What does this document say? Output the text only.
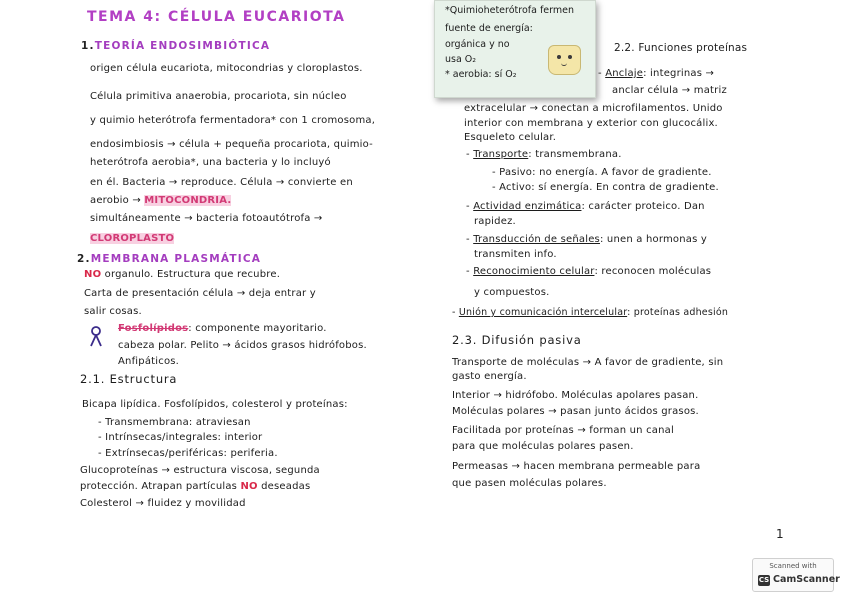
TEMA 4: CÉLULA EUCARIOTA
1.TEORÍA ENDOSIMBIÓTICA
origen célula eucariota, mitocondrias y cloroplastos.
Célula primitiva anaerobia, procariota, sin núcleo
y quimio heterótrofa fermentadora* con 1 cromosoma,
endosimbiosis → célula + pequeña procariota, quimio-
heterótrofa aerobia*, una bacteria y lo incluyó
en él. Bacteria → reproduce. Célula → convierte en
aerobio → MITOCONDRIA.
simultáneamente → bacteria fotoautótrofa →
CLOROPLASTO
2.MEMBRANA PLASMÁTICA
NO organulo. Estructura que recubre.
Carta de presentación célula → deja entrar y
salir cosas.
Fosfolípidos: componente mayoritario.
cabeza polar. Pelito → ácidos grasos hidrófobos.
Anfipáticos.
2.1. Estructura
Bicapa lipídica. Fosfolípidos, colesterol y proteínas:
- Transmembrana: atraviesan
- Intrínsecas/integrales: interior
- Extrínsecas/periféricas: periferia.
Glucoproteínas → estructura viscosa, segunda
protección. Atrapan partículas NO deseadas
Colesterol → fluidez y movilidad
*Quimioheterótrofa fermen
fuente de energía:
orgánica y no
usa O₂
* aerobia: sí O₂
2.2. Funciones proteínas
- Anclaje: integrinas →
anclar célula → matriz
extracelular → conectan a microfilamentos. Unido
interior con membrana y exterior con glucocálix.
Esqueleto celular.
- Transporte: transmembrana.
- Pasivo: no energía. A favor de gradiente.
- Activo: sí energía. En contra de gradiente.
- Actividad enzimática: carácter proteico. Dan
rapidez.
- Transducción de señales: unen a hormonas y
transmiten info.
- Reconocimiento celular: reconocen moléculas
y compuestos.
- Unión y comunicación intercelular: proteínas adhesión
2.3. Difusión pasiva
Transporte de moléculas → A favor de gradiente, sin
gasto energía.
Interior → hidrófobo. Moléculas apolares pasan.
Moléculas polares → pasan junto ácidos grasos.
Facilitada por proteínas → forman un canal
para que moléculas polares pasen.
Permeasas → hacen membrana permeable para
que pasen moléculas polares.
1
Scanned with
CS CamScanner
